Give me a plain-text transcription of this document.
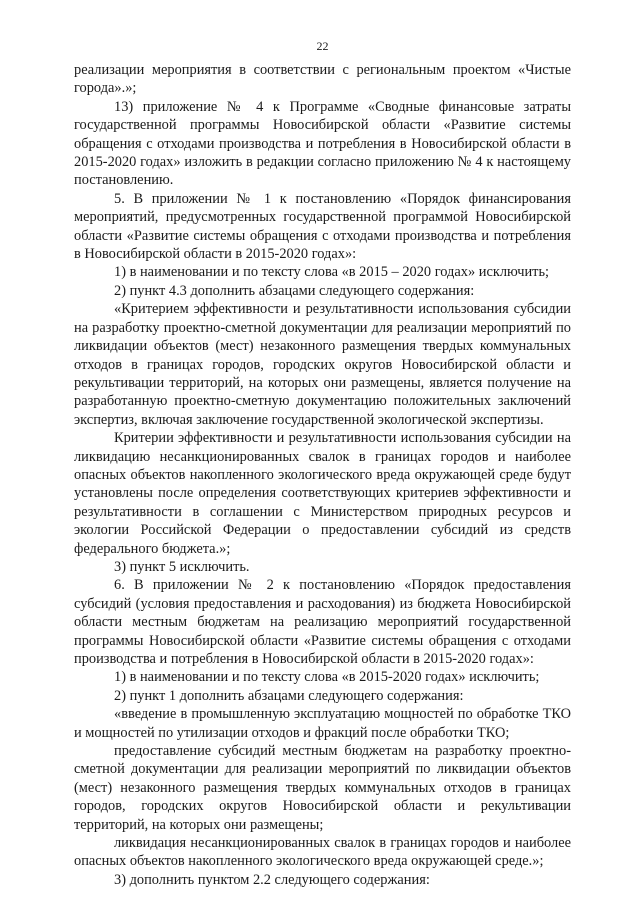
22

реализации мероприятия в соответствии с региональным проектом «Чистые города».»;

13) приложение № 4 к Программе «Сводные финансовые затраты государственной программы Новосибирской области «Развитие системы обращения с отходами производства и потребления в Новосибирской области в 2015-2020 годах» изложить в редакции согласно приложению № 4 к настоящему постановлению.

5. В приложении № 1 к постановлению «Порядок финансирования мероприятий, предусмотренных государственной программой Новосибирской области «Развитие системы обращения с отходами производства и потребления в Новосибирской области в 2015-2020 годах»:

1) в наименовании и по тексту слова «в 2015 – 2020 годах» исключить;

2) пункт 4.3 дополнить абзацами следующего содержания:

«Критерием эффективности и результативности использования субсидии на разработку проектно-сметной документации для реализации мероприятий по ликвидации объектов (мест) незаконного размещения твердых коммунальных отходов в границах городов, городских округов Новосибирской области и рекультивации территорий, на которых они размещены, является получение на разработанную проектно-сметную документацию положительных заключений экспертиз, включая заключение государственной экологической экспертизы.

Критерии эффективности и результативности использования субсидии на ликвидацию несанкционированных свалок в границах городов и наиболее опасных объектов накопленного экологического вреда окружающей среде будут установлены после определения соответствующих критериев эффективности и результативности в соглашении с Министерством природных ресурсов и экологии Российской Федерации о предоставлении субсидий из средств федерального бюджета.»;

3) пункт 5 исключить.

6. В приложении № 2 к постановлению «Порядок предоставления субсидий (условия предоставления и расходования) из бюджета Новосибирской области местным бюджетам на реализацию мероприятий государственной программы Новосибирской области «Развитие системы обращения с отходами производства и потребления в Новосибирской области в 2015-2020 годах»:

1) в наименовании и по тексту слова «в 2015-2020 годах» исключить;

2) пункт 1 дополнить абзацами следующего содержания:

«введение в промышленную эксплуатацию мощностей по обработке ТКО и мощностей по утилизации отходов и фракций после обработки ТКО;

предоставление субсидий местным бюджетам на разработку проектно-сметной документации для реализации мероприятий по ликвидации объектов (мест) незаконного размещения твердых коммунальных отходов в границах городов, городских округов Новосибирской области и рекультивации территорий, на которых они размещены;

ликвидация несанкционированных свалок в границах городов и наиболее опасных объектов накопленного экологического вреда окружающей среде.»;

3) дополнить пунктом 2.2 следующего содержания:
